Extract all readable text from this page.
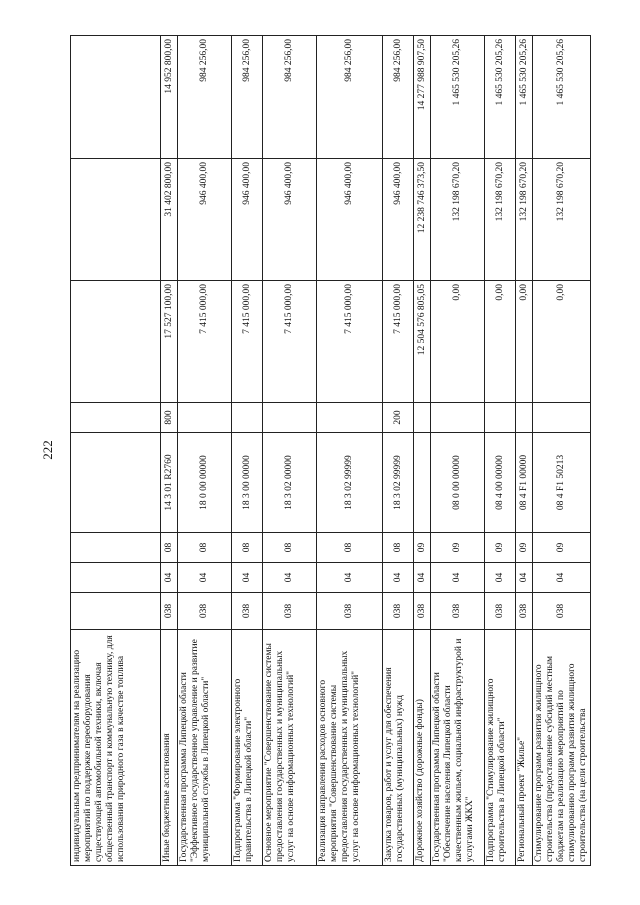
222
индивидуальным предпринимателям на реализацию мероприятий по поддержке переоборудования существующей автомобильной техники, включая общественный транспорт и коммунальную технику, для использования природного газа в качестве топлива								
Иные бюджетные ассигнования	038	04	08	14 3 01 R2760	800	17 527 100,00	31 402 800,00	14 952 800,00
Государственная программа Липецкой области "Эффективное государственное управление и развитие муниципальной службы в Липецкой области"	038	04	08	18 0 00 00000		7 415 000,00	946 400,00	984 256,00
Подпрограмма "Формирование электронного правительства в Липецкой области"	038	04	08	18 3 00 00000		7 415 000,00	946 400,00	984 256,00
Основное мероприятие "Совершенствование системы предоставления государственных и муниципальных услуг на основе информационных технологий"	038	04	08	18 3 02 00000		7 415 000,00	946 400,00	984 256,00
Реализация направления расходов основного мероприятия "Совершенствование системы предоставления государственных и муниципальных услуг на основе информационных технологий"	038	04	08	18 3 02 99999		7 415 000,00	946 400,00	984 256,00
Закупка товаров, работ и услуг для обеспечения государственных (муниципальных) нужд	038	04	08	18 3 02 99999	200	7 415 000,00	946 400,00	984 256,00
Дорожное хозяйство (дорожные фонды)	038	04	09			12 504 576 805,05	12 238 746 373,50	14 277 988 907,50
Государственная программа Липецкой области "Обеспечение населения Липецкой области качественным жильем, социальной инфраструктурой и услугами ЖКХ"	038	04	09	08 0 00 00000		0,00	132 198 670,20	1 465 530 205,26
Подпрограмма "Стимулирование жилищного строительства в Липецкой области"	038	04	09	08 4 00 00000		0,00	132 198 670,20	1 465 530 205,26
Региональный проект "Жилье"	038	04	09	08 4 F1 00000		0,00	132 198 670,20	1 465 530 205,26
Стимулирование программ развития жилищного строительства (предоставление субсидий местным бюджетам на реализацию мероприятий по стимулированию программ развития жилищного строительства (на цели строительства	038	04	09	08 4 F1 50213		0,00	132 198 670,20	1 465 530 205,26
